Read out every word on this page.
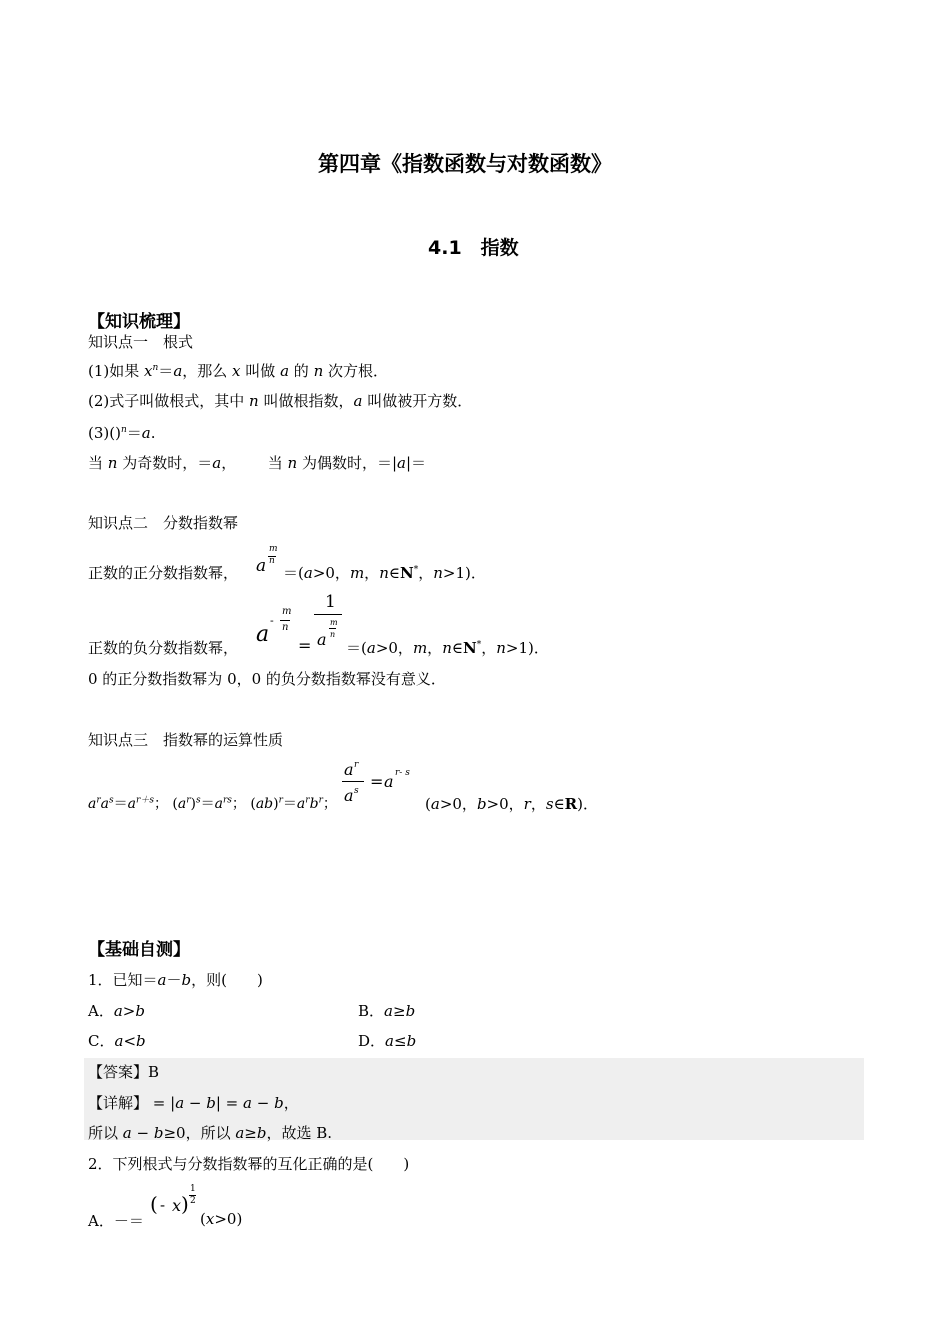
第四章《指数函数与对数函数》
4.1　指数
【知识梳理】
知识点一　根式
(1)如果 $x^n=a$，那么 x 叫做 a 的 n 次方根．
(2)式子叫做根式，其中 n 叫做根指数，a 叫做被开方数．
(3)()$^n$＝a.
当 n 为奇数时，＝a， 当 n 为偶数时，＝|a|＝
知识点二　分数指数幂
正数的正分数指数幂， a
m
n
＝(a>0，m，n∈N*，n>1)．
正数的负分数指数幂，
a
-
m
n
=
1
a
m
n
＝(a>0，m，n∈N*，n>1)．
0 的正分数指数幂为 0，0 的负分数指数幂没有意义．
知识点三　指数幂的运算性质
$a^ra^s=a^{r+s}$； $(a^r)^s=a^{rs}$； $(ab)^r=a^rb^r$；
a r
a s = a r- s
(a>0，b>0，r，s∈R)．
【基础自测】
1．已知＝a－b，则(　　)
A．a>b	B．a≥b
C．a<b	D．a≤b
【答案】B
【详解】 = |a − b| = a − b，
所以 a − b≥0，所以 a≥b，故选 B.
2．下列根式与分数指数幂的互化正确的是(　　)
A．－＝
( - x )
1
2
(x>0)
